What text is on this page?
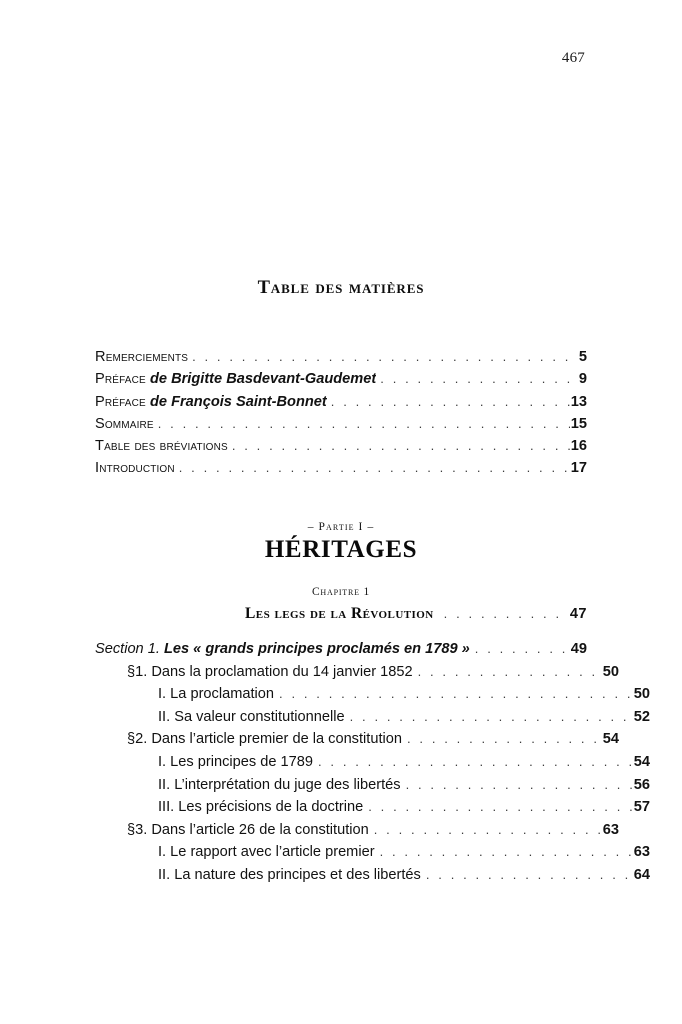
467
Table des matières
Remerciements . . .	5
Préface de Brigitte Basdevant-Gaudemet . . .	9
Préface de François Saint-Bonnet . . .	13
Sommaire . . .	15
Table des bréviations . . .	16
Introduction . . .	17
– Partie I –
HÉRITAGES
Chapitre 1
Les legs de la Révolution . . .	47
Section 1. Les « grands principes proclamés en 1789 » . . .	49
§1. Dans la proclamation du 14 janvier 1852 . . .	50
I. La proclamation . . .	50
II. Sa valeur constitutionnelle . . .	52
§2. Dans l’article premier de la constitution . . .	54
I. Les principes de 1789 . . .	54
II. L’interprétation du juge des libertés . . .	56
III. Les précisions de la doctrine . . .	57
§3. Dans l’article 26 de la constitution . . .	63
I. Le rapport avec l’article premier . . .	63
II. La nature des principes et des libertés . . .	64
